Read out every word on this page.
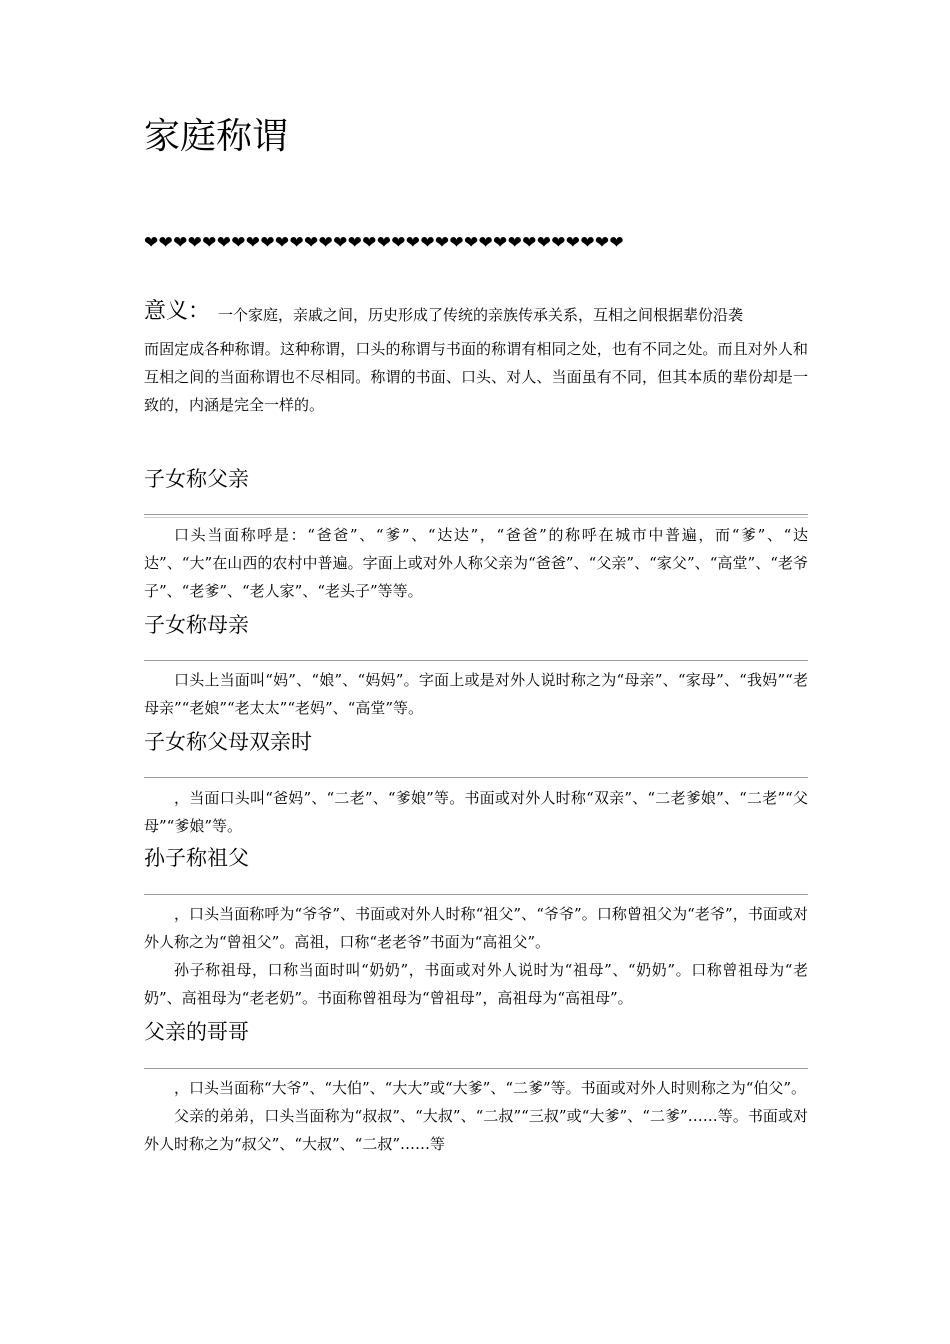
家庭称谓
❤❤❤❤❤❤❤❤❤❤❤❤❤❤❤❤❤❤❤❤❤❤❤❤❤❤❤❤❤❤❤❤❤
意义： 一个家庭，亲戚之间，历史形成了传统的亲族传承关系，互相之间根据辈份沿袭
而固定成各种称谓。这种称谓，口头的称谓与书面的称谓有相同之处，也有不同之处。而且对外人和互相之间的当面称谓也不尽相同。称谓的书面、口头、对人、当面虽有不同，但其本质的辈份却是一致的，内涵是完全一样的。
子女称父亲

口头当面称呼是：“爸爸”、“爹”、“达达”，“爸爸”的称呼在城市中普遍，而“爹”、“达达”、“大”在山西的农村中普遍。字面上或对外人称父亲为“爸爸”、“父亲”、“家父”、“高堂”、“老爷子”、“老爹”、“老人家”、“老头子”等等。

子女称母亲

口头上当面叫“妈”、“娘”、“妈妈”。字面上或是对外人说时称之为“母亲”、“家母”、“我妈”“老母亲”“老娘”“老太太”“老妈”、“高堂”等。

子女称父母双亲时

，当面口头叫“爸妈”、“二老”、“爹娘”等。书面或对外人时称“双亲”、“二老爹娘”、“二老”“父母”“爹娘”等。

孙子称祖父

，口头当面称呼为“爷爷”、书面或对外人时称“祖父”、“爷爷”。口称曾祖父为“老爷”，书面或对外人称之为“曾祖父”。高祖，口称“老老爷”书面为“高祖父”。

孙子称祖母，口称当面时叫“奶奶”，书面或对外人说时为“祖母”、“奶奶”。口称曾祖母为“老奶”、高祖母为“老老奶”。书面称曾祖母为“曾祖母”，高祖母为“高祖母”。

父亲的哥哥

，口头当面称“大爷”、“大伯”、“大大”或“大爹”、“二爹”等。书面或对外人时则称之为“伯父”。

父亲的弟弟，口头当面称为“叔叔”、“大叔”、“二叔”“三叔”或“大爹”、“二爹”……等。书面或对外人时称之为“叔父”、“大叔”、“二叔”……等
